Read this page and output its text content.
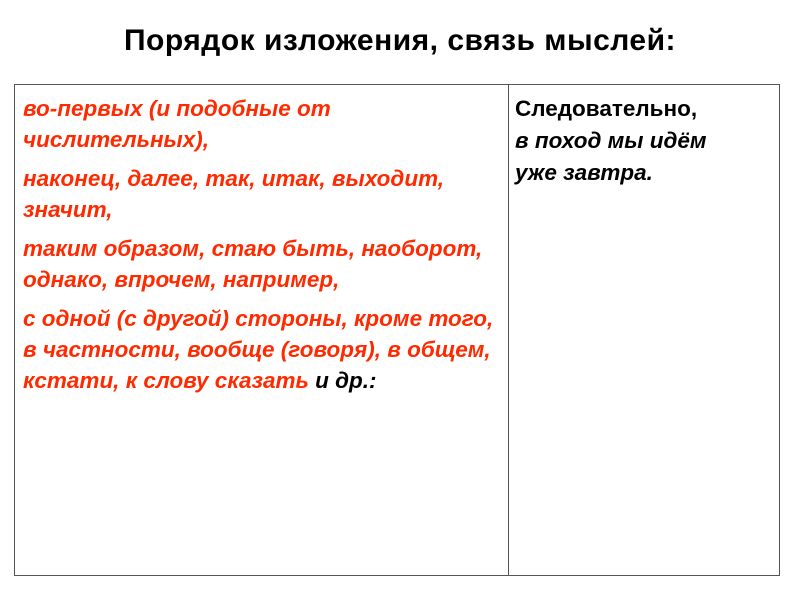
Порядок изложения, связь мыслей:

во-первых (и подобные от числительных),

наконец, далее, так, итак, выходит, значит,

таким образом, стаю быть, наоборот, однако, впрочем, например,

с одной (с другой) стороны, кроме того, в частности, вообще (говоря), в общем, кстати, к слову сказать и др.:

Следовательно,

в поход мы идём

уже завтра.
